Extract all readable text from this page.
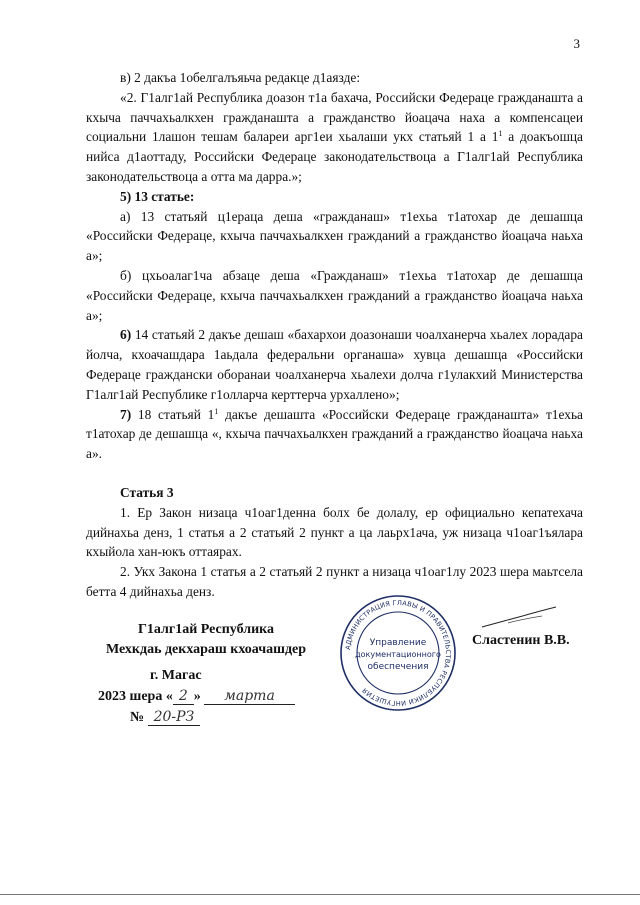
3

в) 2 дакъа 1обелгалъяьча редакце д1аязде:

«2. Г1алг1ай Республика доазон т1а бахача, Российски Федераце гражданашта а кхыча паччахьалкхен гражданашта а гражданство йоацача наха а компенсацеи социальни 1лашон тешам балареи арг1еи хьалаши укх статьяй 1 а $1^1$ а доакъошца нийса д1аоттаду, Российски Федераце законодательствоца а Г1алг1ай Республика законодательствоца а отта ма дарра.»;

5) 13 статье:

а) 13 статьяй ц1ераца деша «гражданаш» т1ехьа т1атохар де дешашца «Российски Федераце, кхыча паччахьалкхен гражданий а гражданство йоацача наьха а»;

б) цхьоалаг1ча абзаце деша «Гражданаш» т1ехьа т1атохар де дешашца «Российски Федераце, кхыча паччахьалкхен гражданий а гражданство йоацача наьха а»;

6) 14 статьяй 2 дакъе дешаш «бахархои доазонаши чоалханерча хьалех лорадара йолча, кхоачашдара 1аьдала федеральни органаша» хувца дешашца «Российски Федераце граждански оборанаи чоалханерча хьалехи долча г1улакхий Министерства Г1алг1ай Республике г1олларча керттерча урхаллено»;

7) 18 статьяй $1^1$ дакъе дешашта «Российски Федераце гражданашта» т1ехьа т1атохар де дешашца «, кхыча паччахьалкхен гражданий а гражданство йоацача наьха а».

Статья 3

1. Ер Закон низаца ч1оаг1денна болх бе долалу, ер официально кепатехача дийнахьа денз, 1 статья а 2 статьяй 2 пункт а ца лаьрх1ача, уж низаца ч1оаг1ъялара кхыйола хан-юкъ оттаярах.

2. Укх Закона 1 статья а 2 статьяй 2 пункт а низаца ч1оаг1лу 2023 шера маьтсела бетта 4 дийнахьа денз.

Г1алг1ай Республика
Мехкдаь декхараш кхоачашдер
г. Магас
2023 шера « 2 » марта
№ 20-РЗ
АДМИНИСТРАЦИЯ ГЛАВЫ И ПРАВИТЕЛЬСТВА РЕСПУБЛИКИ ИНГУШЕТИЯ
Управление
документационного
обеспечения
Сластенин В.В.
